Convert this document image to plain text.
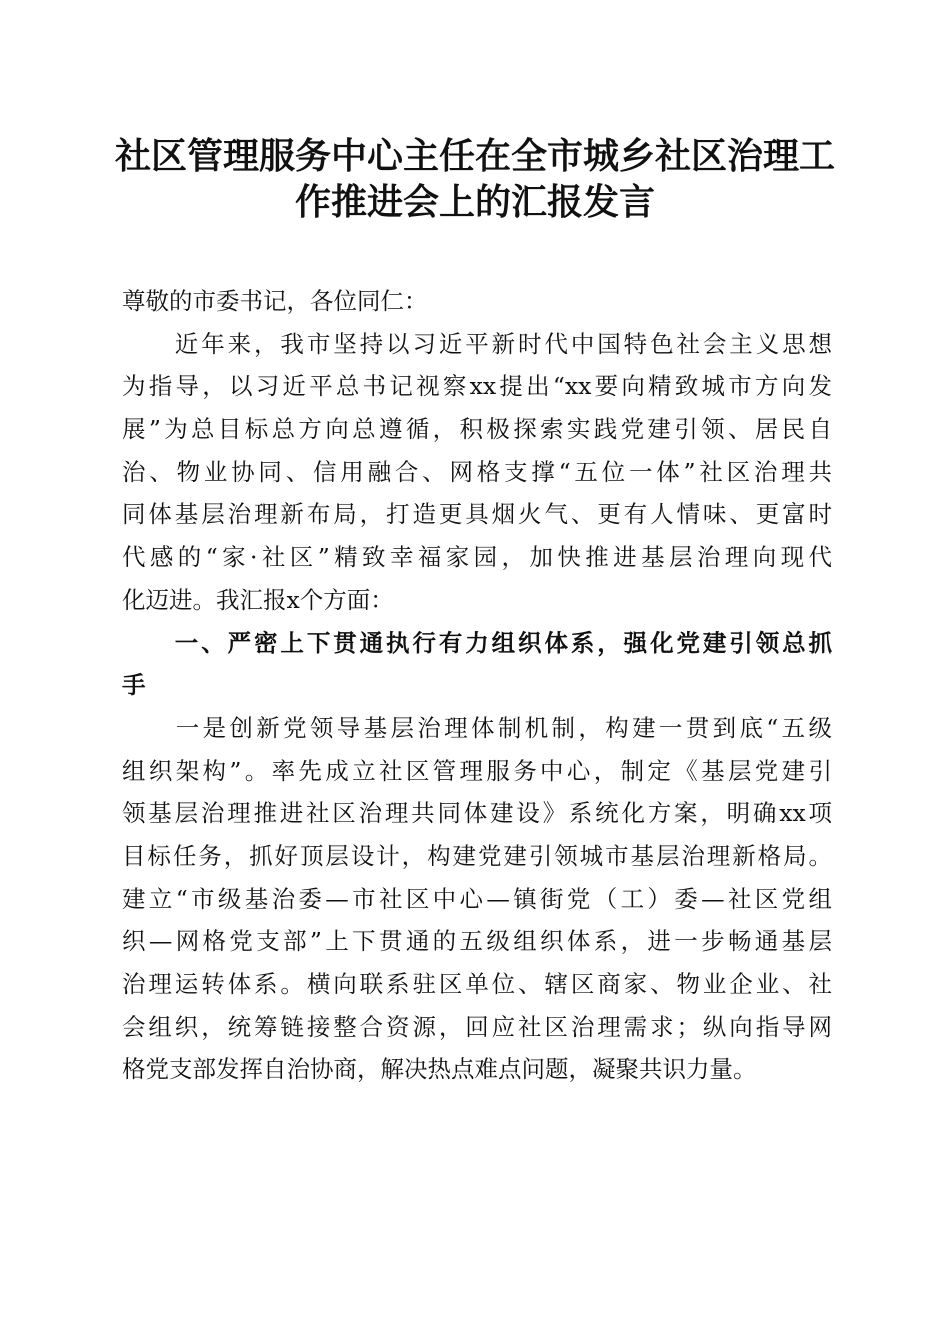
社区管理服务中心主任在全市城乡社区治理工
作推进会上的汇报发言
尊敬的市委书记，各位同仁：
　　近年来，我市坚持以习近平新时代中国特色社会主义思想
为指导，以习近平总书记视察xx提出“xx要向精致城市方向发
展”为总目标总方向总遵循，积极探索实践党建引领、居民自
治、物业协同、信用融合、网格支撑“五位一体”社区治理共
同体基层治理新布局，打造更具烟火气、更有人情味、更富时
代感的“家·社区”精致幸福家园，加快推进基层治理向现代
化迈进。我汇报x个方面：
　　一、严密上下贯通执行有力组织体系，强化党建引领总抓
手
　　一是创新党领导基层治理体制机制，构建一贯到底“五级
组织架构”。率先成立社区管理服务中心，制定《基层党建引
领基层治理推进社区治理共同体建设》系统化方案，明确xx项
目标任务，抓好顶层设计，构建党建引领城市基层治理新格局。
建立“市级基治委—市社区中心—镇街党（工）委—社区党组
织—网格党支部”上下贯通的五级组织体系，进一步畅通基层
治理运转体系。横向联系驻区单位、辖区商家、物业企业、社
会组织，统筹链接整合资源，回应社区治理需求；纵向指导网
格党支部发挥自治协商，解决热点难点问题，凝聚共识力量。
